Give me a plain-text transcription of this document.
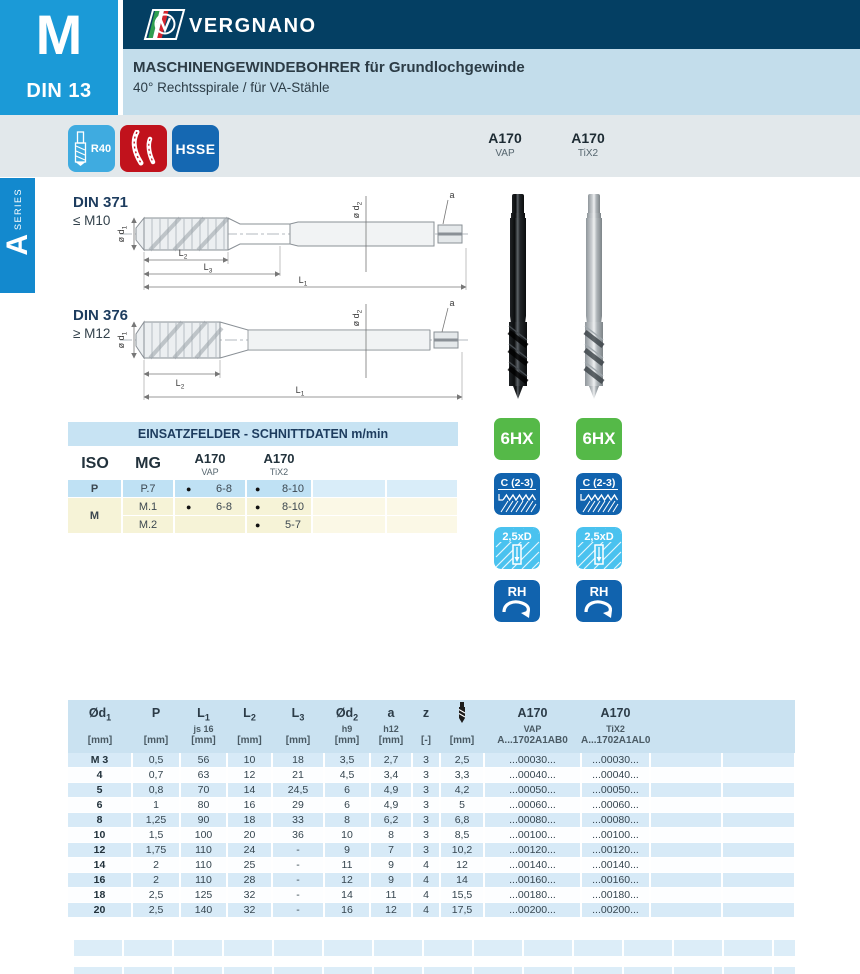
M
DIN 13
VERGNANO
MASCHINENGEWINDEBOHRER für Grundlochgewinde
40° Rechtsspirale / für VA-Stähle
R40	HSSE
A170
VAP
A170
TiX2
SERIES
A
DIN 371
≤ M10
ø $d_1$
ø $d_2$
a
$L_2$
$L_3$
$L_1$
DIN 376
≥ M12
ø $d_1$
ø $d_2$
a
$L_2$	$L_1$
EINSATZFELDER - SCHNITTDATEN m/min
ISO	MG	A170
VAP

A170
TiX2

P	P.7	● 6-8	● 8-10		
M	M.1	● 6-8	● 8-10		
	M.2		● 5-7		
6HX
C (2-3)
2,5xD
RH
6HX
C (2-3)
2,5xD
RH
$Ød_1$
[mm]

P
[mm]

$L_1$
js 16
[mm]

$L_2$
[mm]

$L_3$
[mm]

$Ød_2$
h9
[mm]

a
h12
[mm]

z
[-]	[mm]

A170
VAP
A...1702A1AB0

A170
TiX2
A...1702A1AL0

M 3	0,5	56	10	18	3,5	2,7	3	2,5	...00030...	...00030...		
4	0,7	63	12	21	4,5	3,4	3	3,3	...00040...	...00040...		
5	0,8	70	14	24,5	6	4,9	3	4,2	...00050...	...00050...		
6	1	80	16	29	6	4,9	3	5	...00060...	...00060...		
8	1,25	90	18	33	8	6,2	3	6,8	...00080...	...00080...		
10	1,5	100	20	36	10	8	3	8,5	...00100...	...00100...		
12	1,75	110	24	-	9	7	3	10,2	...00120...	...00120...		
14	2	110	25	-	11	9	4	12	...00140...	...00140...		
16	2	110	28	-	12	9	4	14	...00160...	...00160...		
18	2,5	125	32	-	14	11	4	15,5	...00180...	...00180...		
20	2,5	140	32	-	16	12	4	17,5	...00200...	...00200...		
